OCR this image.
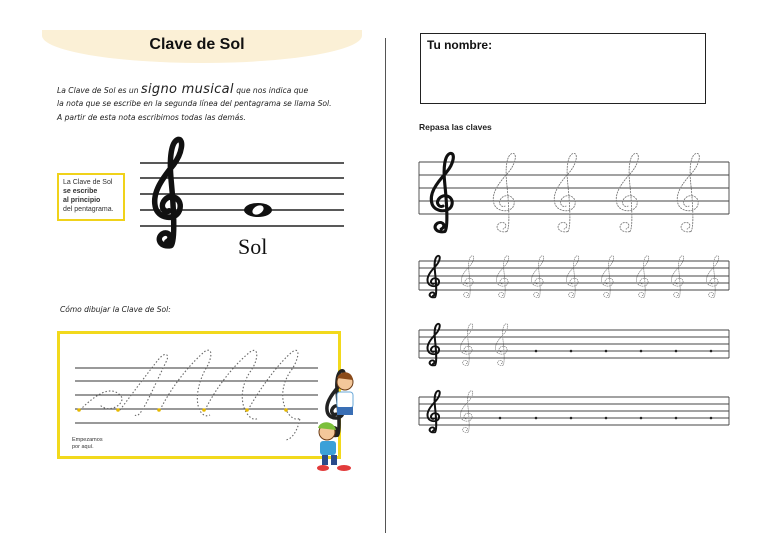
Clave de Sol
La Clave de Sol es un signo musical que nos indica que
la nota que se escribe en la segunda línea del pentagrama se llama Sol.
A partir de esta nota escribimos todas las demás.
La Clave de Sol
se escribe
al principio
del pentagrama.
Sol
Cómo dibujar la Clave de Sol:
Empezamos
por aquí.
Tu nombre:
Repasa las claves
